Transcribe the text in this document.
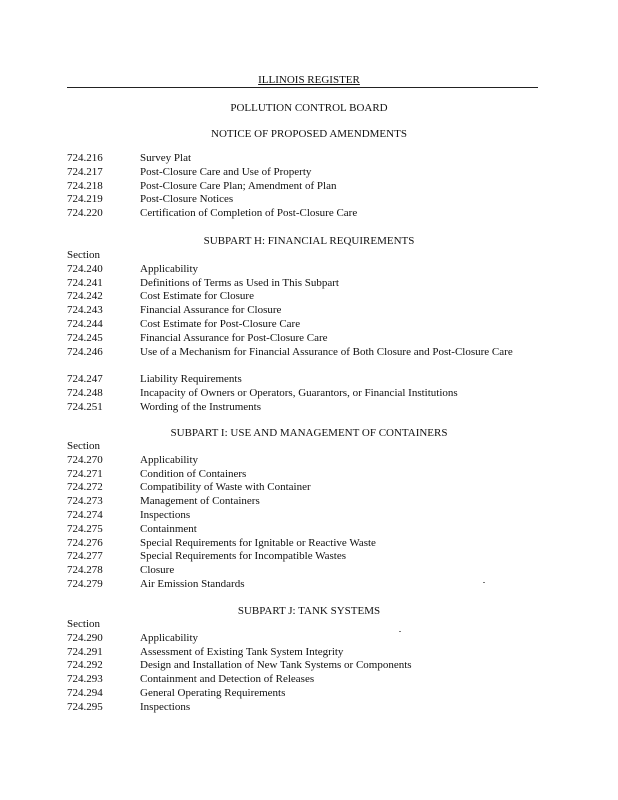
ILLINOIS REGISTER
POLLUTION CONTROL BOARD
NOTICE OF PROPOSED AMENDMENTS
724.216	Survey Plat
724.217	Post-Closure Care and Use of Property
724.218	Post-Closure Care Plan; Amendment of Plan
724.219	Post-Closure Notices
724.220	Certification of Completion of Post-Closure Care
SUBPART H: FINANCIAL REQUIREMENTS
Section
724.240	Applicability
724.241	Definitions of Terms as Used in This Subpart
724.242	Cost Estimate for Closure
724.243	Financial Assurance for Closure
724.244	Cost Estimate for Post-Closure Care
724.245	Financial Assurance for Post-Closure Care
724.246	Use of a Mechanism for Financial Assurance of Both Closure and Post-Closure Care
724.247	Liability Requirements
724.248	Incapacity of Owners or Operators, Guarantors, or Financial Institutions
724.251	Wording of the Instruments
SUBPART I: USE AND MANAGEMENT OF CONTAINERS
Section
724.270	Applicability
724.271	Condition of Containers
724.272	Compatibility of Waste with Container
724.273	Management of Containers
724.274	Inspections
724.275	Containment
724.276	Special Requirements for Ignitable or Reactive Waste
724.277	Special Requirements for Incompatible Wastes
724.278	Closure
724.279	Air Emission Standards
SUBPART J: TANK SYSTEMS
Section
724.290	Applicability
724.291	Assessment of Existing Tank System Integrity
724.292	Design and Installation of New Tank Systems or Components
724.293	Containment and Detection of Releases
724.294	General Operating Requirements
724.295	Inspections
